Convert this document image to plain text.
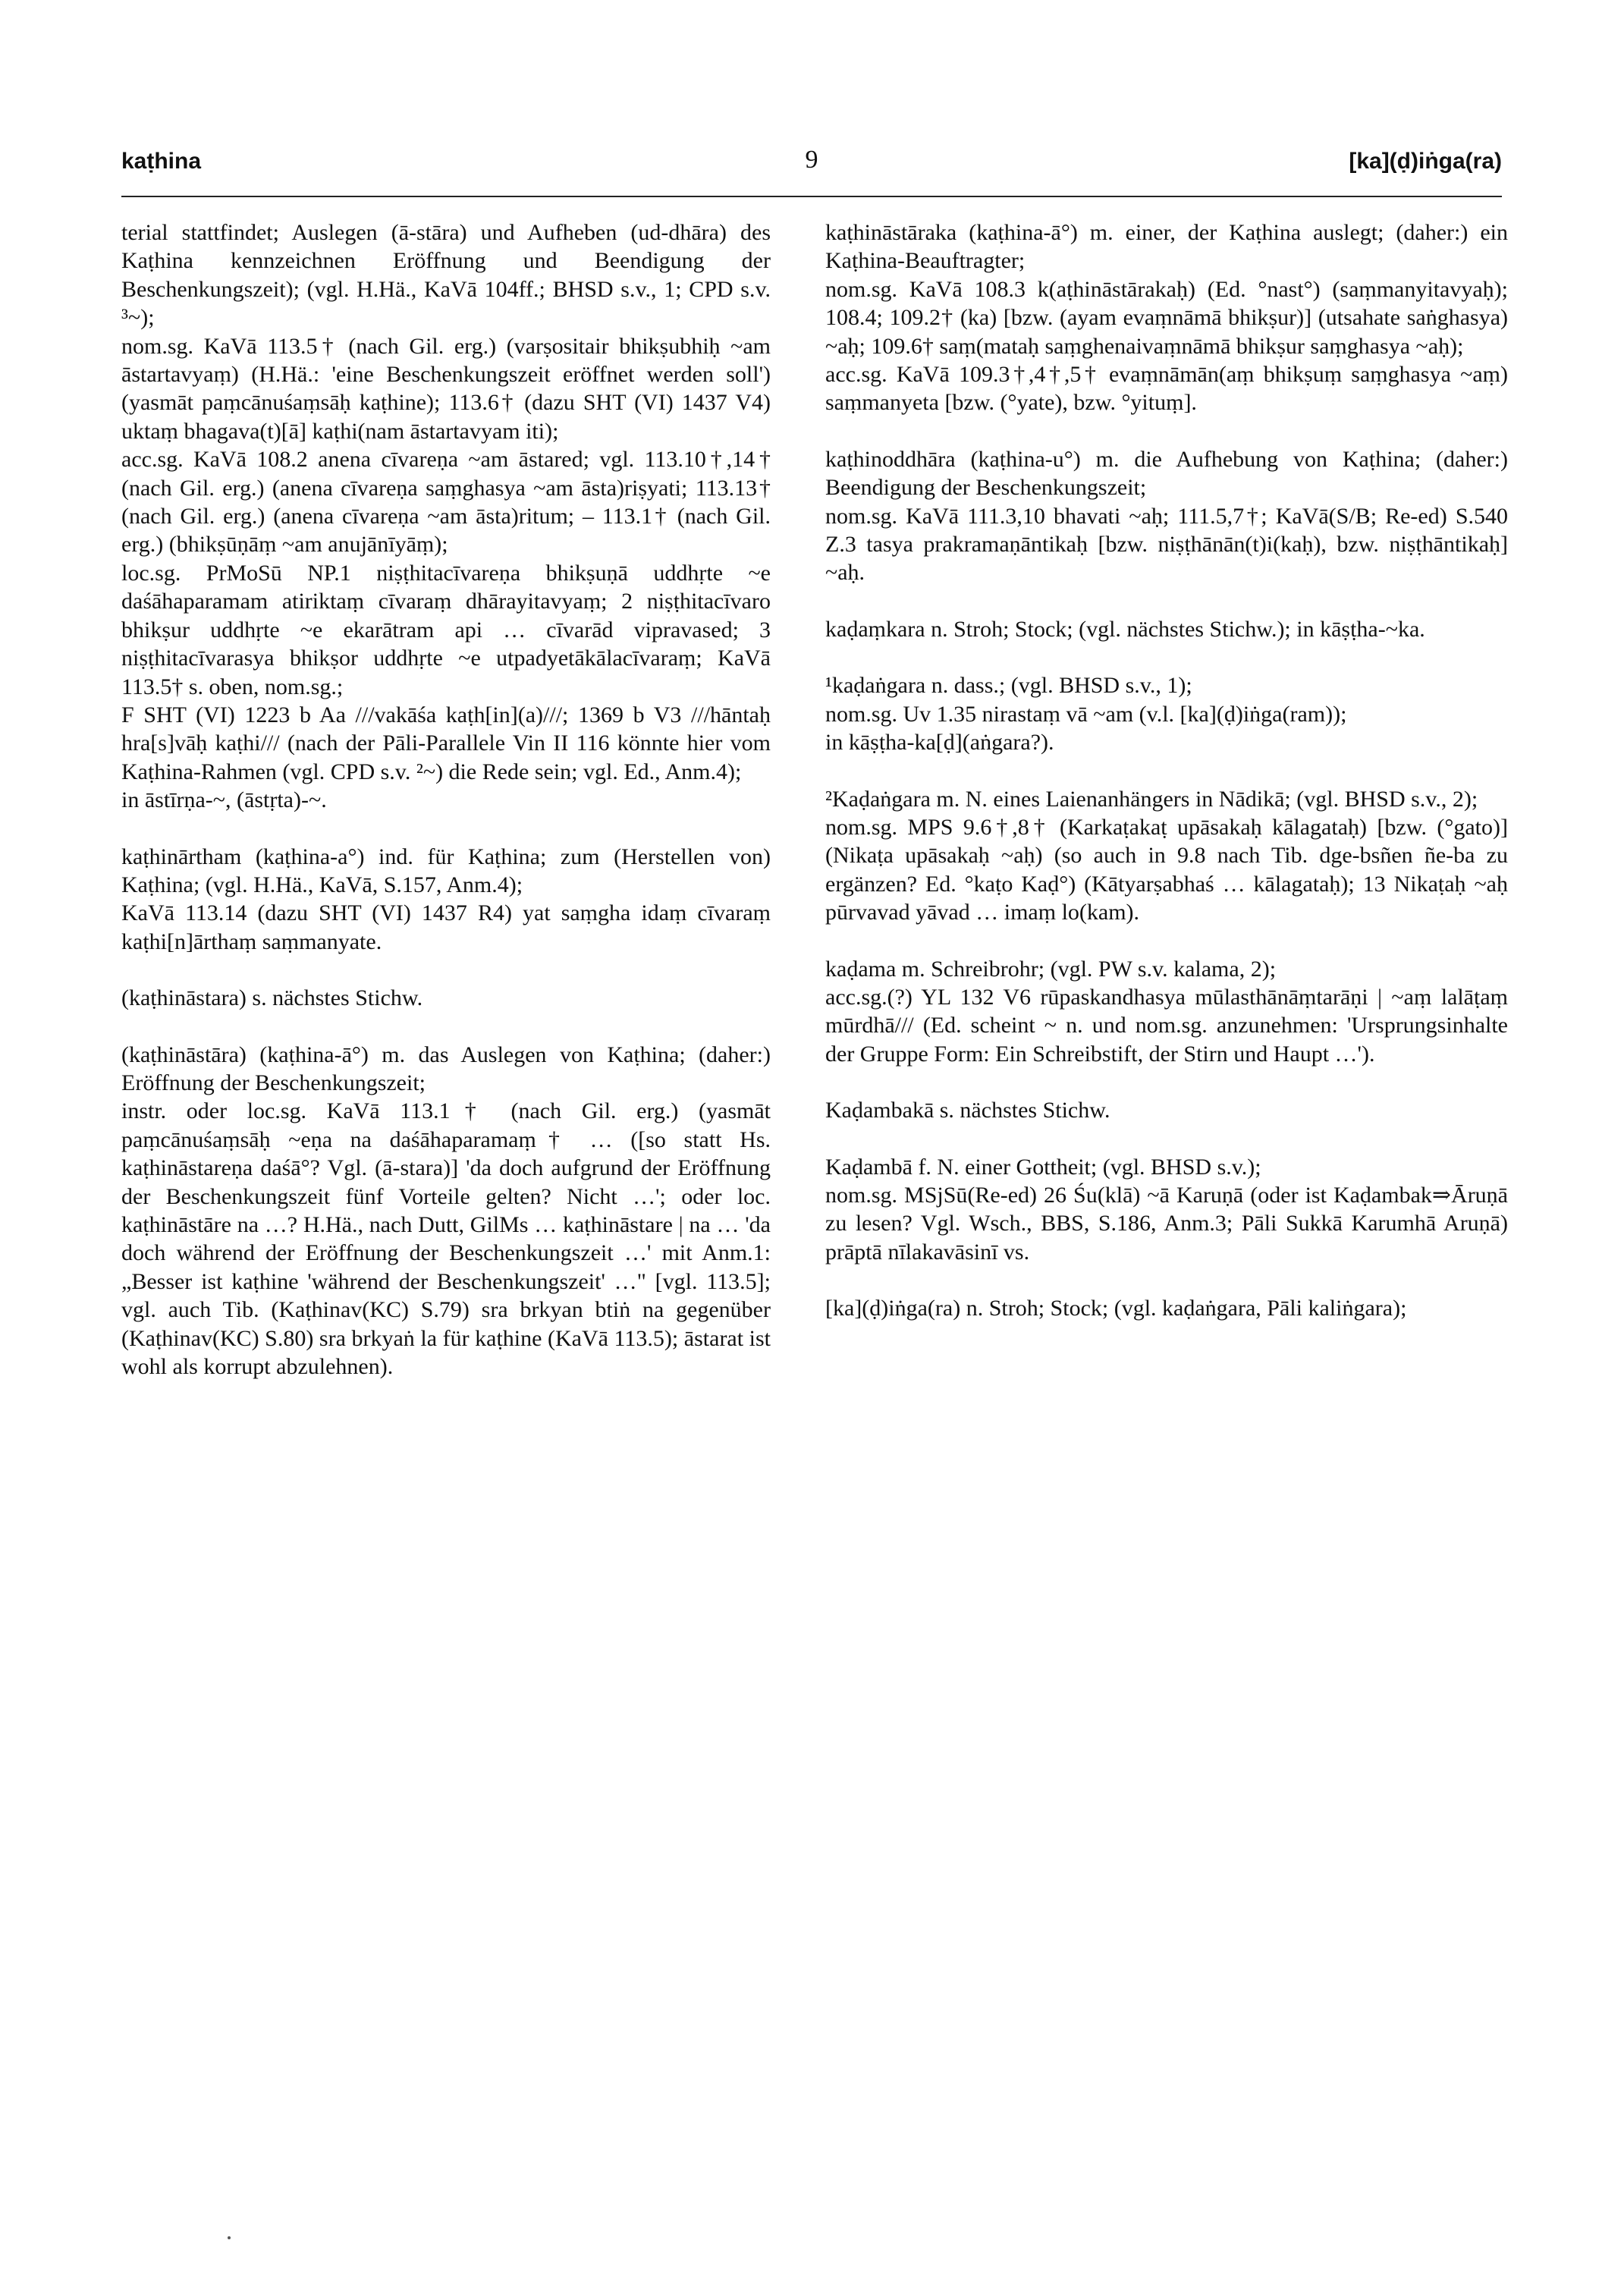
kaṭhina	9	[ka](ḍ)iṅga(ra)

terial stattfindet; Auslegen (ā-stāra) und Aufheben (ud-dhāra) des Kaṭhina kennzeichnen Eröffnung und Beendigung der Beschenkungszeit); (vgl. H.Hä., KaVā 104ff.; BHSD s.v., 1; CPD s.v. ³~);

nom.sg. KaVā 113.5† (nach Gil. erg.) (varṣositair bhikṣubhiḥ ~am āstartavyaṃ) (H.Hä.: 'eine Beschenkungszeit eröffnet werden soll') (yasmāt paṃcānuśaṃsāḥ kaṭhine); 113.6† (dazu SHT (VI) 1437 V4) uktaṃ bhagava(t)[ā] kaṭhi(nam āstartavyam iti);

acc.sg. KaVā 108.2 anena cīvareṇa ~am āstared; vgl. 113.10†,14† (nach Gil. erg.) (anena cīvareṇa saṃghasya ~am āsta)riṣyati; 113.13† (nach Gil. erg.) (anena cīvareṇa ~am āsta)ritum; – 113.1† (nach Gil. erg.) (bhikṣūṇāṃ ~am anujānīyāṃ);

loc.sg. PrMoSū NP.1 niṣṭhitacīvareṇa bhikṣuṇā uddhṛte ~e daśāhaparamam atiriktaṃ cīvaraṃ dhārayitavyaṃ; 2 niṣṭhitacīvaro bhikṣur uddhṛte ~e ekarātram api … cīvarād vipravased; 3 niṣṭhitacīvarasya bhikṣor uddhṛte ~e utpadyetākālacīvaraṃ; KaVā 113.5† s. oben, nom.sg.;

F SHT (VI) 1223 b Aa ///vakāśa kaṭh[in](a)///; 1369 b V3 ///hāntaḥ hra[s]vāḥ kaṭhi/// (nach der Pāli-Parallele Vin II 116 könnte hier vom Kaṭhina-Rahmen (vgl. CPD s.v. ²~) die Rede sein; vgl. Ed., Anm.4);

in āstīrṇa-~, (āstṛta)-~.

kaṭhinārtham (kaṭhina-a°) ind. für Kaṭhina; zum (Herstellen von) Kaṭhina; (vgl. H.Hä., KaVā, S.157, Anm.4);

KaVā 113.14 (dazu SHT (VI) 1437 R4) yat saṃgha idaṃ cīvaraṃ kaṭhi[n]ārthaṃ saṃmanyate.

(kaṭhināstara) s. nächstes Stichw.

(kaṭhināstāra) (kaṭhina-ā°) m. das Auslegen von Kaṭhina; (daher:) Eröffnung der Beschenkungszeit;

instr. oder loc.sg. KaVā 113.1† (nach Gil. erg.) (yasmāt paṃcānuśaṃsāḥ ~eṇa na daśāhaparamaṃ† … ([so statt Hs. kaṭhināstareṇa daśā°? Vgl. (ā-stara)] 'da doch aufgrund der Eröffnung der Beschenkungszeit fünf Vorteile gelten? Nicht …'; oder loc. kaṭhināstāre na …? H.Hä., nach Dutt, GilMs … kaṭhināstare | na … 'da doch während der Eröffnung der Beschenkungszeit …' mit Anm.1: „Besser ist kaṭhine 'während der Beschenkungszeit' …" [vgl. 113.5]; vgl. auch Tib. (Kaṭhinav(KC) S.79) sra brkyan btiṅ na gegenüber (Kaṭhinav(KC) S.80) sra brkyaṅ la für kaṭhine (KaVā 113.5); āstarat ist wohl als korrupt abzulehnen).

kaṭhināstāraka (kaṭhina-ā°) m. einer, der Kaṭhina auslegt; (daher:) ein Kaṭhina-Beauftragter;

nom.sg. KaVā 108.3 k(aṭhināstārakaḥ) (Ed. °nast°) (saṃmanyitavyaḥ); 108.4; 109.2† (ka) [bzw. (ayam evaṃnāmā bhikṣur)] (utsahate saṅghasya) ~aḥ; 109.6† saṃ(mataḥ saṃghenaivaṃnāmā bhikṣur saṃghasya ~aḥ);

acc.sg. KaVā 109.3†,4†,5† evaṃnāmān(aṃ bhikṣuṃ saṃghasya ~aṃ) saṃmanyeta [bzw. (°yate), bzw. °yituṃ].

kaṭhinoddhāra (kaṭhina-u°) m. die Aufhebung von Kaṭhina; (daher:) Beendigung der Beschenkungszeit;

nom.sg. KaVā 111.3,10 bhavati ~aḥ; 111.5,7†; KaVā(S/B; Re-ed) S.540 Z.3 tasya prakramaṇāntikaḥ [bzw. niṣṭhānān(t)i(kaḥ), bzw. niṣṭhāntikaḥ] ~aḥ.

kaḍaṃkara n. Stroh; Stock; (vgl. nächstes Stichw.); in kāṣṭha-~ka.

¹kaḍaṅgara n. dass.; (vgl. BHSD s.v., 1);

nom.sg. Uv 1.35 nirastaṃ vā ~am (v.l. [ka](ḍ)iṅga(ram));

in kāṣṭha-ka[ḍ](aṅgara?).

²Kaḍaṅgara m. N. eines Laienanhängers in Nādikā; (vgl. BHSD s.v., 2);

nom.sg. MPS 9.6†,8† (Karkaṭakaṭ upāsakaḥ kālagataḥ) [bzw. (°gato)] (Nikaṭa upāsakaḥ ~aḥ) (so auch in 9.8 nach Tib. dge-bsñen ñe-ba zu ergänzen? Ed. °kaṭo Kaḍ°) (Kātyarṣabhaś … kālagataḥ); 13 Nikaṭaḥ ~aḥ pūrvavad yāvad … imaṃ lo(kam).

kaḍama m. Schreibrohr; (vgl. PW s.v. kalama, 2);

acc.sg.(?) YL 132 V6 rūpaskandhasya mūlasthānāṃtarāṇi | ~aṃ lalāṭaṃ mūrdhā/// (Ed. scheint ~ n. und nom.sg. anzunehmen: 'Ursprungsinhalte der Gruppe Form: Ein Schreibstift, der Stirn und Haupt …').

Kaḍambakā s. nächstes Stichw.

Kaḍambā f. N. einer Gottheit; (vgl. BHSD s.v.);

nom.sg. MSjSū(Re-ed) 26 Śu(klā) ~ā Karuṇā (oder ist Kaḍambak⇒Āruṇā zu lesen? Vgl. Wsch., BBS, S.186, Anm.3; Pāli Sukkā Karumhā Aruṇā) prāptā nīlakavāsinī vs.

[ka](ḍ)iṅga(ra) n. Stroh; Stock; (vgl. kaḍaṅgara, Pāli kaliṅgara);
